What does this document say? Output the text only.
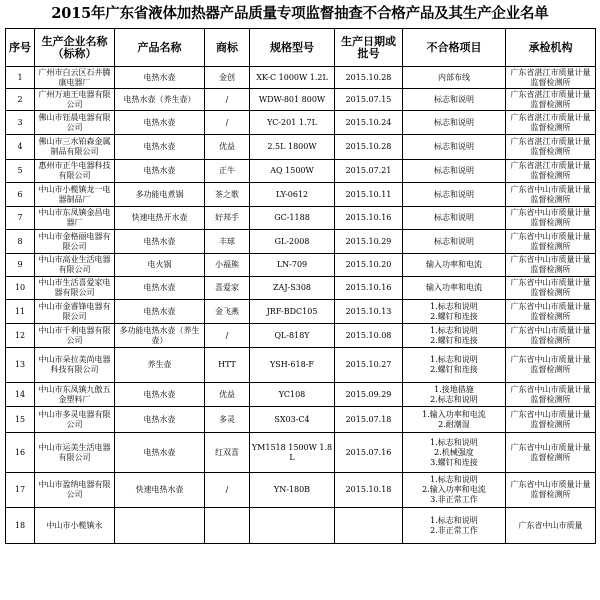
2015年广东省液体加热器产品质量专项监督抽查不合格产品及其生产企业名单
序号	生产企业名称（标称）	产品名称	商标	规格型号	生产日期或批号	不合格项目	承检机构

1	广州市白云区石井腾康电器厂	电热水壶	金创	XK-C 1000W 1.2L	2015.10.28	内部布线	广东省湛江市质量计量监督检测所

2	广州万迪王电器有限公司	电热水壶（养生壶）	/	WDW-801 800W	2015.07.15	标志和说明	广东省湛江市质量计量监督检测所

3	佛山市钰晨电器有限公司	电热水壶	/	YC-201 1.7L	2015.10.24	标志和说明	广东省湛江市质量计量监督检测所

4	佛山市三水铂森金属制品有限公司	电热水壶	优益	2.5L 1800W	2015.10.28	标志和说明	广东省湛江市质量计量监督检测所

5	惠州市正牛电器科技有限公司	电热水壶	正牛	AQ 1500W	2015.07.21	标志和说明	广东省湛江市质量计量监督检测所

6	中山市小榄镇龙一电器制品厂	多功能电煮锅	茶之歌	LY-0612	2015.10.11	标志和说明	广东省中山市质量计量监督检测所

7	中山市东凤镇金昌电器厂	快速电热开水壶	好邦手	GC-1188	2015.10.16	标志和说明	广东省中山市质量计量监督检测所

8	中山市金格丽电器有限公司	电热水壶	丰球	GL-2008	2015.10.29	标志和说明	广东省中山市质量计量监督检测所

9	中山市高业生活电器有限公司	电火锅	小福熊	LN-709	2015.10.20	输入功率和电流	广东省中山市质量计量监督检测所

10	中山市生活喜爱家电器有限公司	电热水壶	喜爱家	ZAJ-S308	2015.10.16	输入功率和电流	广东省中山市质量计量监督检测所

11	中山市金睿锋电器有限公司	电热水壶	金飞燕	JRF-BDC105	2015.10.13	1.标志和说明
2.螺钉和连接	广东省中山市质量计量监督检测所

12	中山市千利电器有限公司	多功能电热水壶（养生壶）	/	QL-818Y	2015.10.08	1.标志和说明
2.螺钉和连接	广东省中山市质量计量监督检测所

13	中山市朵拉美尚电器科技有限公司	养生壶	HTT	YSH-618-F	2015.10.27	1.标志和说明
2.螺钉和连接	广东省中山市质量计量监督检测所

14	中山市东凤镇九傲五金塑料厂	电热水壶	优益	YC108	2015.09.29	1.接地措施
2.标志和说明	广东省中山市质量计量监督检测所

15	中山市多灵电器有限公司	电热水壶	多灵	SX03-C4	2015.07.18	1.输入功率和电流
2.耐潮湿	广东省中山市质量计量监督检测所

16	中山市运美生活电器有限公司	电热水壶	红双喜	YM1518 1500W 1.8L	2015.07.16	1.标志和说明
2.机械强度
3.螺钉和连接	广东省中山市质量计量监督检测所

17	中山市盈纳电器有限公司	快速电热水壶	/	YN-180B	2015.10.18	1.标志和说明
2.输入功率和电流
3.非正常工作	广东省中山市质量计量监督检测所

18	中山市小榄镇永					1.标志和说明
2.非正常工作	广东省中山市质量
